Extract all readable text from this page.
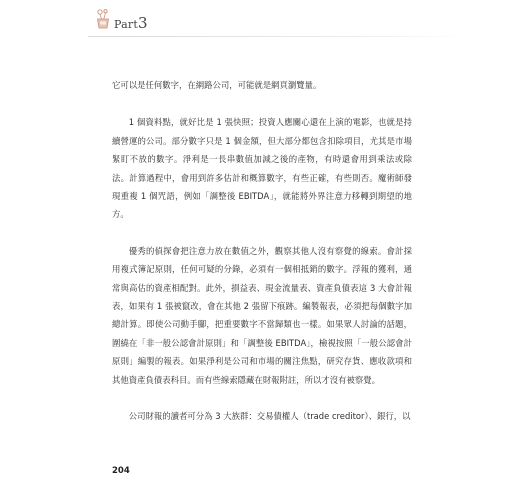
Part3

它可以是任何數字，在網路公司，可能就是網頁瀏覽量。

1 個資料點，就好比是 1 張快照；投資人應關心還在上演的電影，也就是持續營運的公司。部分數字只是 1 個金額，但大部分都包含扣除項目，尤其是市場緊盯不放的數字。淨利是一長串數值加減之後的產物，有時還會用到乘法或除法。計算過程中，會用到許多估計和概算數字，有些正確，有些則否。魔術師發現重複 1 個咒語，例如「調整後 EBITDA」，就能將外界注意力移轉到期望的地方。

優秀的偵探會把注意力放在數值之外，觀察其他人沒有察覺的線索。會計採用複式簿記原則，任何可疑的分錄，必須有一個相抵銷的數字。浮報的獲利，通常與高估的資產相配對。此外，損益表、現金流量表、資產負債表這 3 大會計報表，如果有 1 張被竄改，會在其他 2 張留下痕跡。編製報表，必須把每個數字加總計算。即使公司動手腳，把重要數字不當歸類也一樣。如果眾人討論的話題，圍繞在「非一般公認會計原則」和「調整後 EBITDA」，檢視按照「一般公認會計原則」編製的報表。如果淨利是公司和市場的關注焦點，研究存貨、應收款項和其他資產負債表科目。而有些線索隱藏在財報附註，所以才沒有被察覺。

公司財報的讀者可分為 3 大族群：交易債權人（trade creditor）、銀行，以

204
